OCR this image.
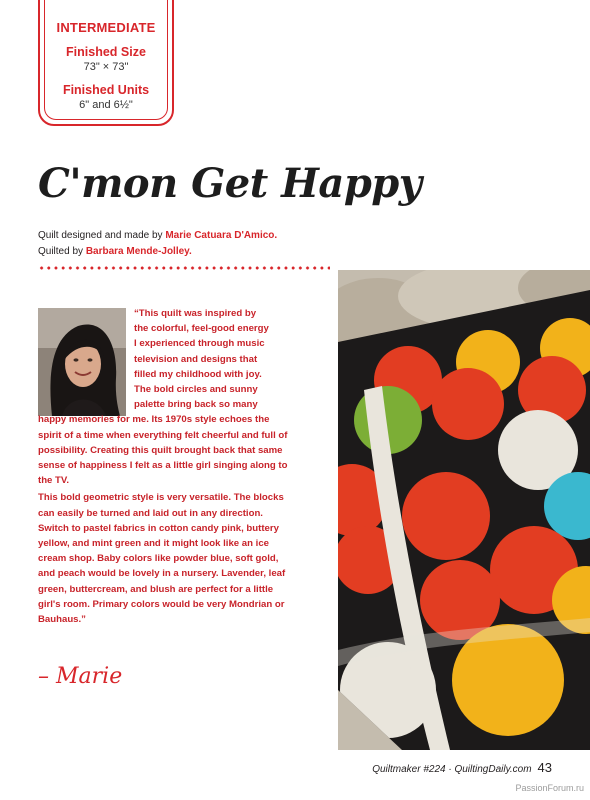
INTERMEDIATE
Finished Size
73" × 73"
Finished Units
6" and 6½"
C'mon Get Happy
Quilt designed and made by Marie Catuara D'Amico.
Quilted by Barbara Mende-Jolley.

“This quilt was inspired by
the colorful, feel-good energy
I experienced through music
television and designs that
filled my childhood with joy.
The bold circles and sunny
palette bring back so many
happy memories for me. Its 1970s style echoes the spirit of a time when everything felt cheerful and full of possibility. Creating this quilt brought back that same sense of happiness I felt as a little girl singing along to the TV.

This bold geometric style is very versatile. The blocks can easily be turned and laid out in any direction. Switch to pastel fabrics in cotton candy pink, buttery yellow, and mint green and it might look like an ice cream shop. Baby colors like powder blue, soft gold, and peach would be lovely in a nursery. Lavender, leaf green, buttercream, and blush are perfect for a little girl's room. Primary colors would be very Mondrian or Bauhaus.”

– Marie
Quiltmaker #224 · QuiltingDaily.com 43
PassionForum.ru
